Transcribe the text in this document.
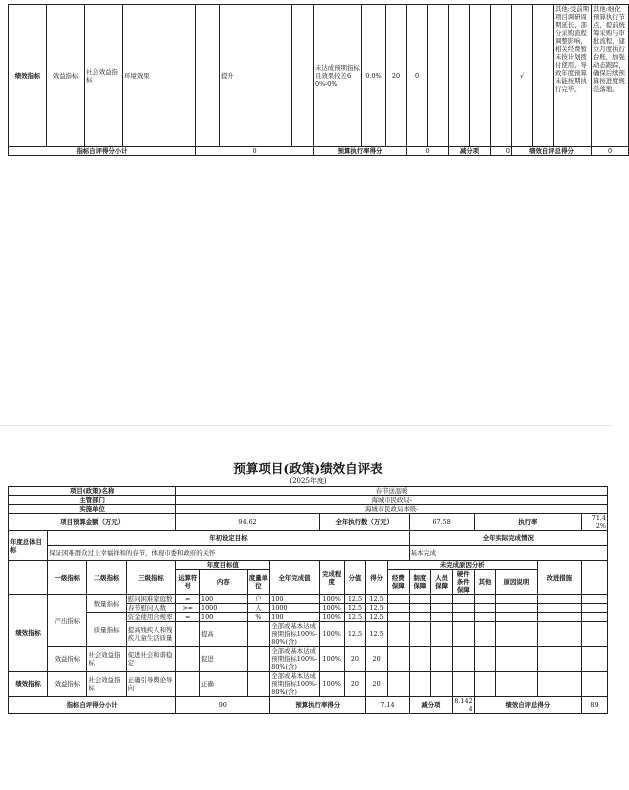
绩效指标	效益指标	社会效益指标	环境效果		提升		未达成预期指标且效果较差60%-0%	0.0%	20	0					√		其他:受前期项目调研周期延长、部分采购流程调整影响，相关经费暂未按计划拨付使用，导致年度预算未能按期执行完毕。	其他:细化预算执行节点，提前统筹采购与审批流程，建立月度执行台账，加强动态跟踪，确保后续预算按进度规范落地。
指标自评得分小计				0			预算执行率得分			0		减分项		0	绩效自评总得分			0
预算项目(政策)绩效自评表
(2025年度)
项目(政策)名称				春节送温暖														
主管部门				海城市民政局-														
实施单位				海城市民政局本级-														
项目预算金额（万元）				94.62				全年执行数（万元）				67.58			执行率			71.42%
年度总体目标	年初设定目标											全年实际完成情况						
	保证困难群众过上幸福祥和的春节，体现市委和政府的关怀											基本完成						
	一级指标	二级指标	三级指标	年度目标值			全年完成值	完成程度	分值	得分	未完成原因分析						改进措施	
				运算符号	内容	度量单位					经费保障	制度保障	人员保障	硬件条件保障	其他	原因说明		
绩效指标	产出指标	数量指标	慰问困难家庭数	=	100	户	100	100%	12.5	12.5								
			春节慰问人数	>=	1000	人	1000	100%	12.5	12.5								
		质量指标	资金使用合规率	=	100	%	100	100%	12.5	12.5								
			提高残疾人和残疾儿童生活质量		提高		全部或基本达成预期指标100%-80%(含)	100%	12.5	12.5								
	效益指标	社会效益指标	促进社会和谐稳定		促进		全部或基本达成预期指标100%-80%(含)	100%	20	20								
绩效指标	效益指标	社会效益指标	正确引导舆论导向		正确		全部或基本达成预期指标100%-80%(含)	100%	20	20								
指标自评得分小计				90			预算执行率得分			7.14		减分项		8.1424	绩效自评总得分			89
